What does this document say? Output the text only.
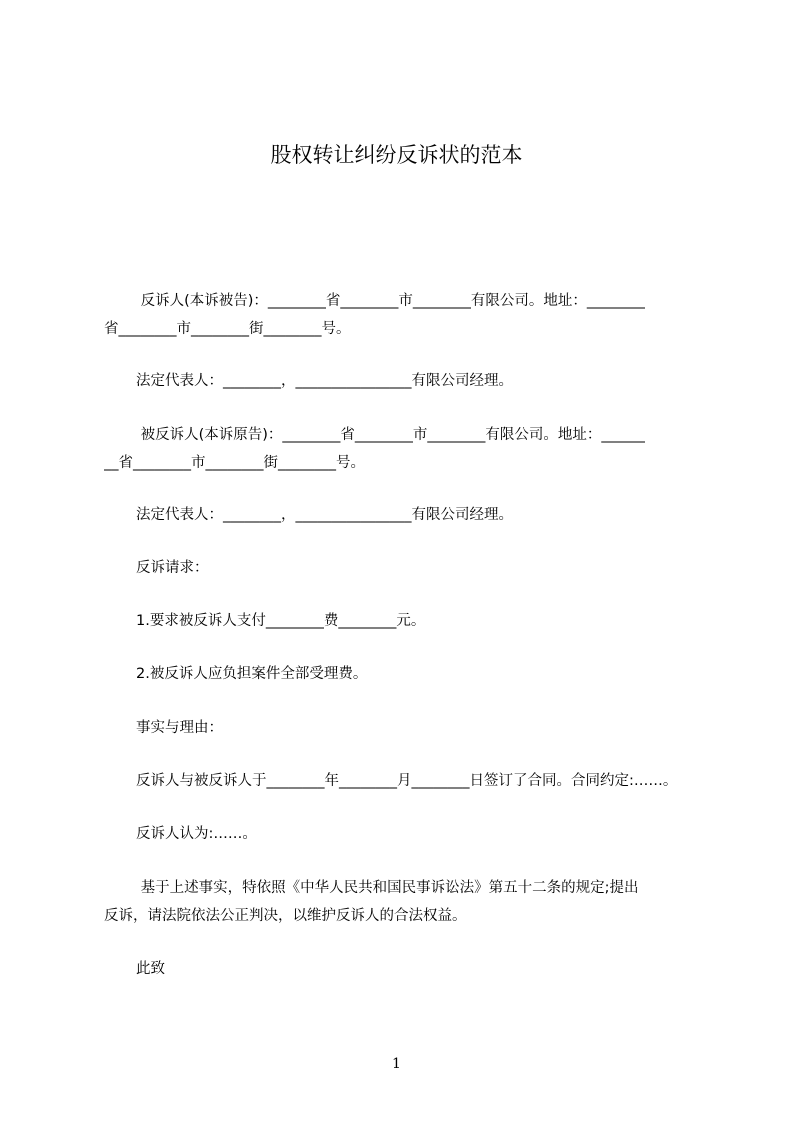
股权转让纠纷反诉状的范本

反诉人(本诉被告)：________省________市________有限公司。地址：________
省________市________街________号。

法定代表人：________，________________有限公司经理。

被反诉人(本诉原告)：________省________市________有限公司。地址：______
__省________市________街________号。

法定代表人：________，________________有限公司经理。

反诉请求：

1.要求被反诉人支付________费________元。

2.被反诉人应负担案件全部受理费。

事实与理由：

反诉人与被反诉人于________年________月________日签订了合同。合同约定:……。

反诉人认为:……。

基于上述事实，特依照《中华人民共和国民事诉讼法》第五十二条的规定;提出
反诉，请法院依法公正判决，以维护反诉人的合法权益。

此致

1
